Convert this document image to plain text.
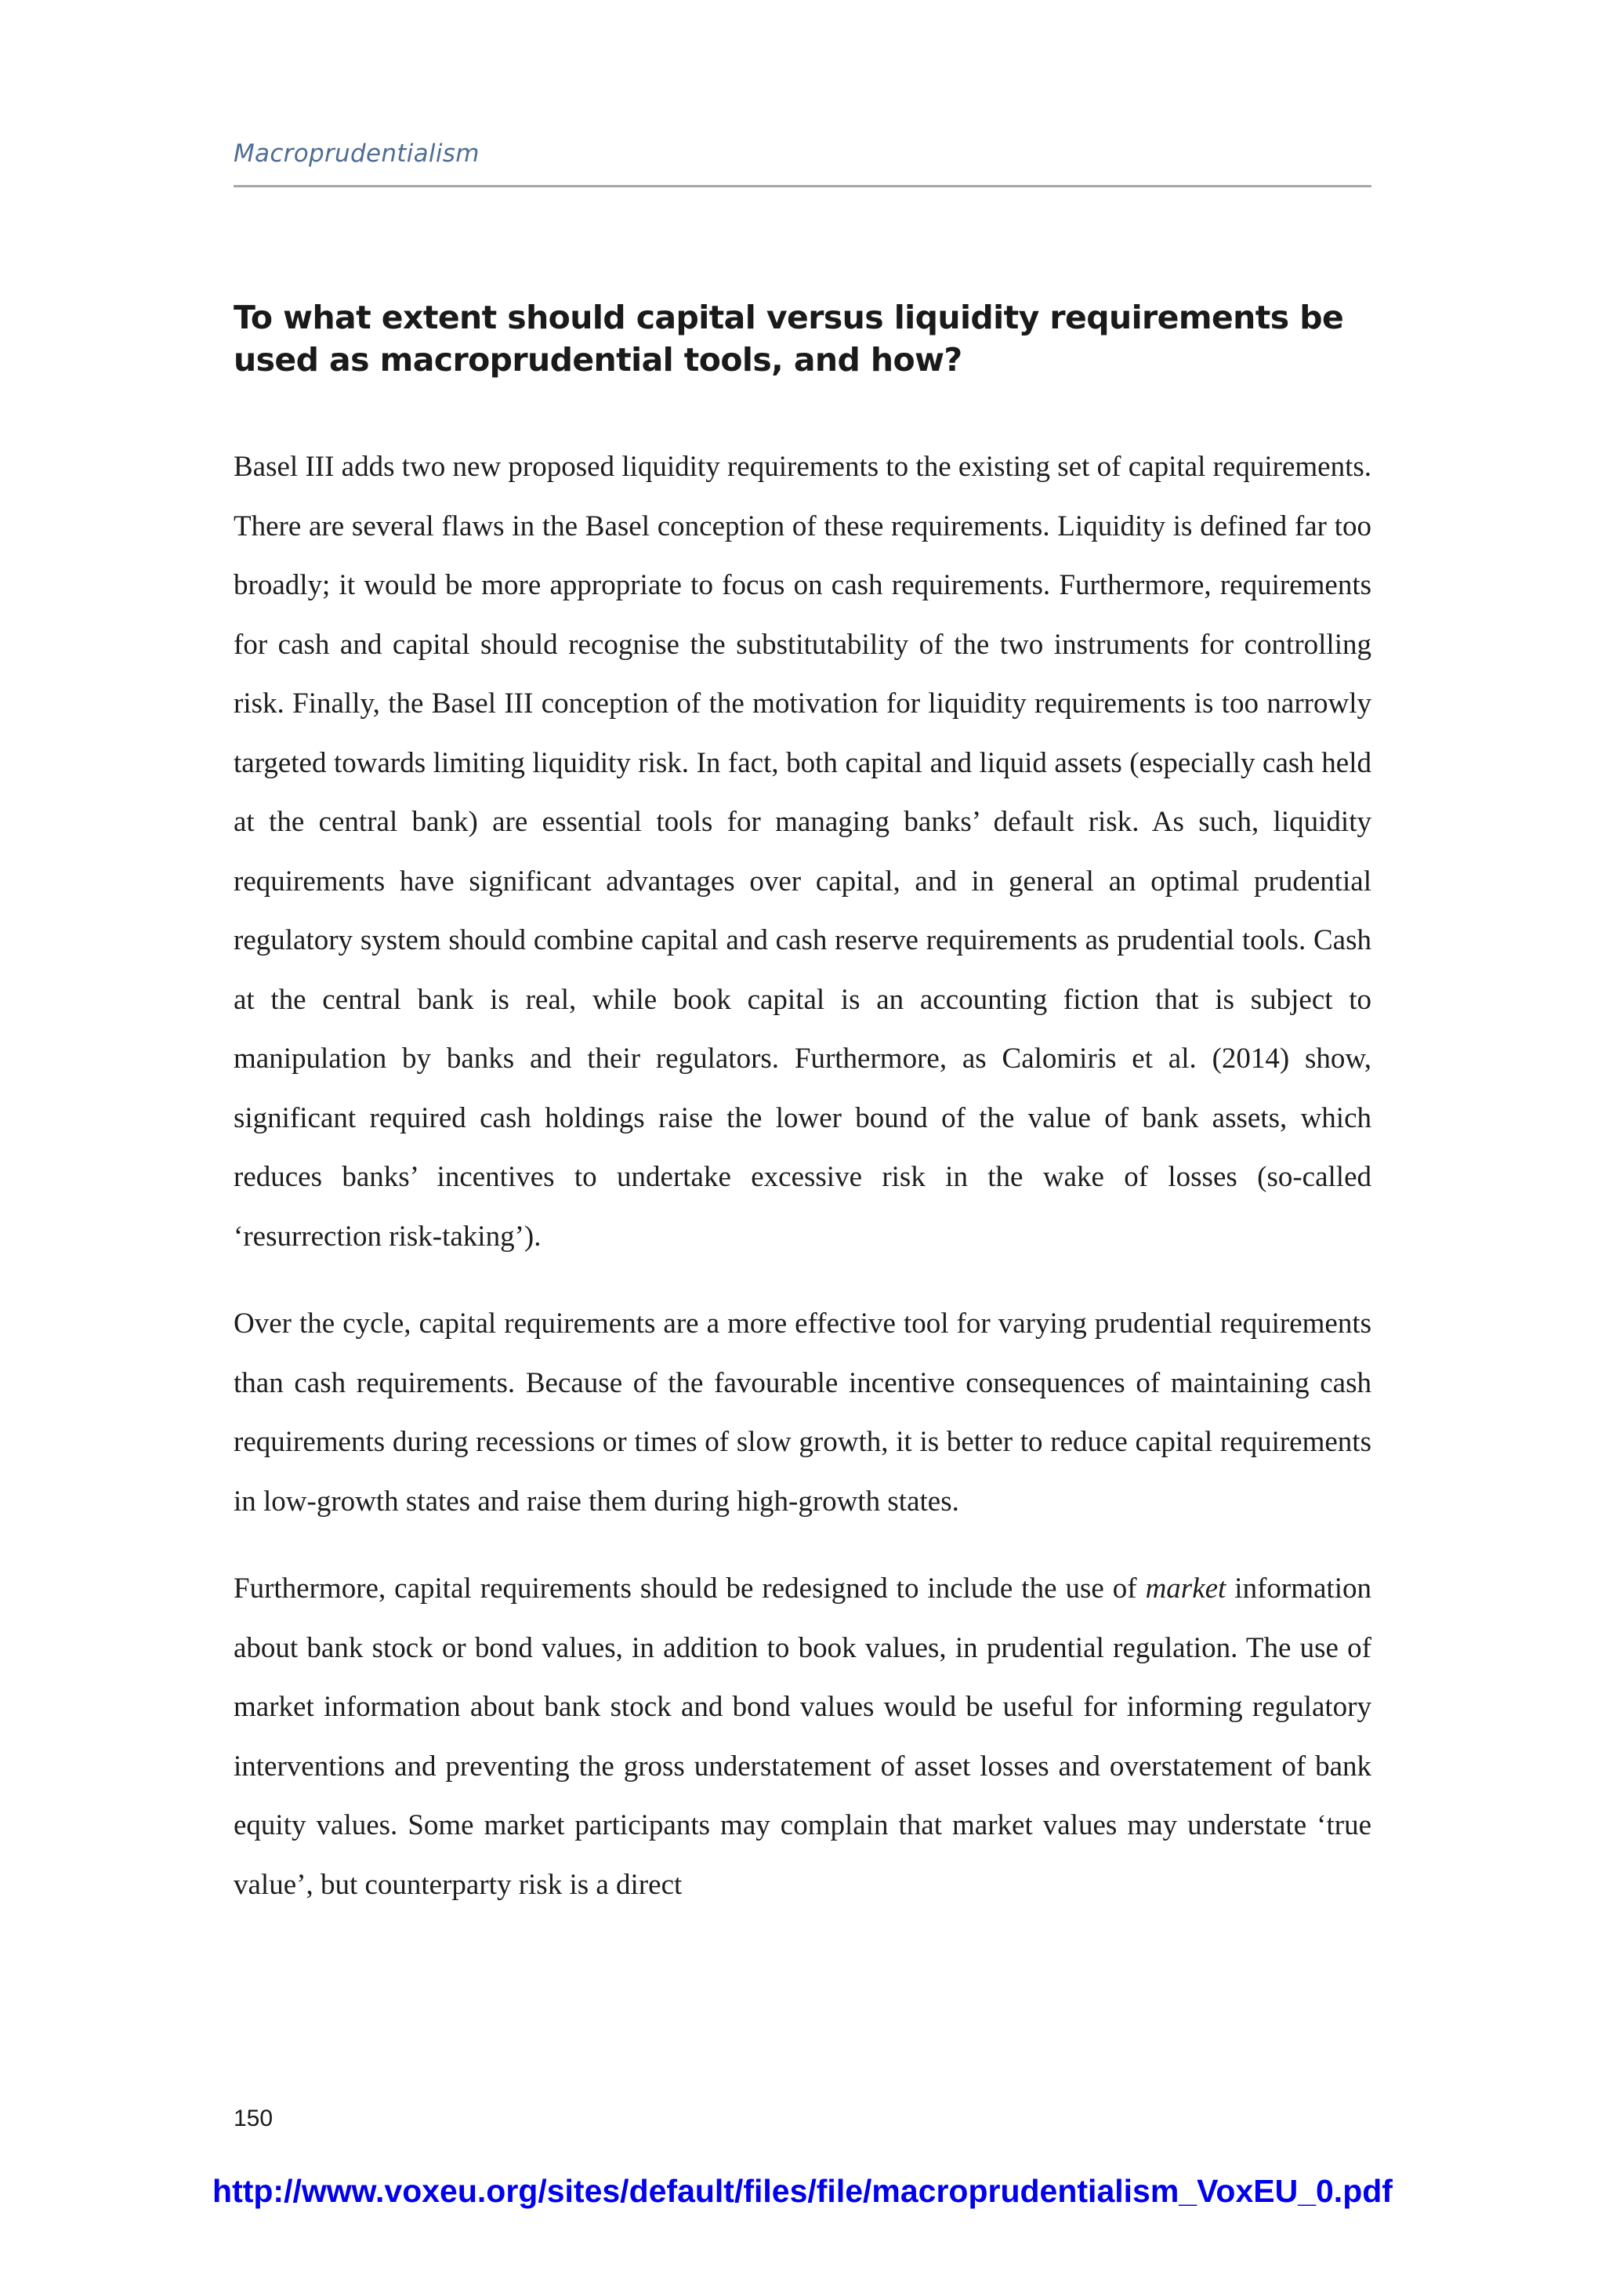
Macroprudentialism
To what extent should capital versus liquidity requirements be used as macroprudential tools, and how?

Basel III adds two new proposed liquidity requirements to the existing set of capital requirements. There are several flaws in the Basel conception of these requirements. Liquidity is defined far too broadly; it would be more appropriate to focus on cash requirements. Furthermore, requirements for cash and capital should recognise the substitutability of the two instruments for controlling risk. Finally, the Basel III conception of the motivation for liquidity requirements is too narrowly targeted towards limiting liquidity risk. In fact, both capital and liquid assets (especially cash held at the central bank) are essential tools for managing banks’ default risk. As such, liquidity requirements have significant advantages over capital, and in general an optimal prudential regulatory system should combine capital and cash reserve requirements as prudential tools. Cash at the central bank is real, while book capital is an accounting fiction that is subject to manipulation by banks and their regulators. Furthermore, as Calomiris et al. (2014) show, significant required cash holdings raise the lower bound of the value of bank assets, which reduces banks’ incentives to undertake excessive risk in the wake of losses (so-called ‘resurrection risk-taking’).

Over the cycle, capital requirements are a more effective tool for varying prudential requirements than cash requirements. Because of the favourable incentive consequences of maintaining cash requirements during recessions or times of slow growth, it is better to reduce capital requirements in low-growth states and raise them during high-growth states.

Furthermore, capital requirements should be redesigned to include the use of market information about bank stock or bond values, in addition to book values, in prudential regulation. The use of market information about bank stock and bond values would be useful for informing regulatory interventions and preventing the gross understatement of asset losses and overstatement of bank equity values. Some market participants may complain that market values may understate ‘true value’, but counterparty risk is a direct

150
http://www.voxeu.org/sites/default/files/file/macroprudentialism_VoxEU_0.pdf
